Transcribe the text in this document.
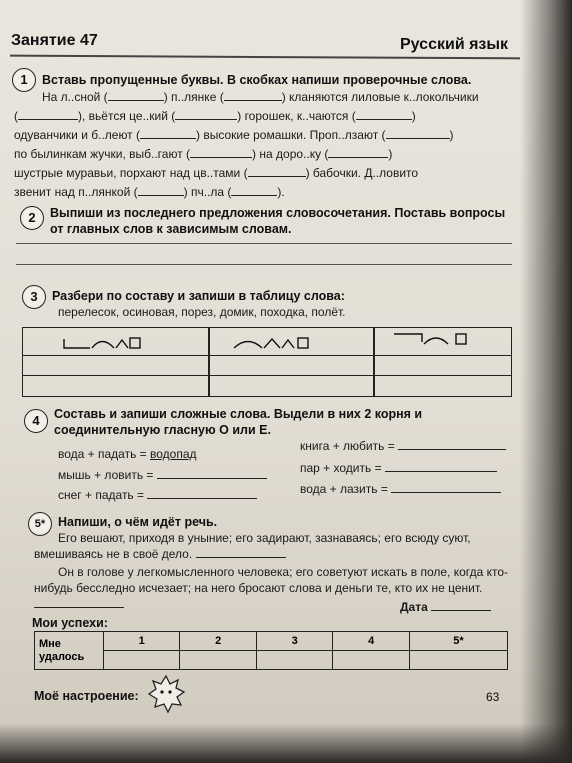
Занятие 47	Русский язык
1	Вставь пропущенные буквы. В скобках напиши проверочные слова.
На л..сной (	) п..лянке (	) кланяются лиловые к..локольчики
(	), вьётся це..кий (	) горошек, к..чаются (	)
одуванчики и б..леют (	) высокие ромашки. Проп..лзают (	)
по былинкам жучки, выб..гают (	) на доро..ку (	)
шустрые муравьи, порхают над цв..тами (	) бабочки. Д..ловито
звенит над п..лянкой (	) пч..ла (	).
2	Выпиши из последнего предложения словосочетания. Поставь вопросы от главных слов к зависимым словам.
3	Разбери по составу и запиши в таблицу слова:
перелесок, осиновая, порез, домик, походка, полёт.
4	Составь и запиши сложные слова. Выдели в них 2 корня и соединительную гласную О или Е.
вода + падать = водопад
мышь + ловить =
снег + падать =
книга + любить =
пар + ходить =
вода + лазить =
5*	Напиши, о чём идёт речь.
Его вешают, приходя в уныние; его задирают, зазнаваясь; его всюду суют, вмешиваясь не в своё дело.
Он в голове у легкомысленного человека; его советуют искать в поле, когда кто-нибудь бесследно исчезает; на него бросают слова и деньги те, кто их не ценит.
Дата
Мои успехи:
Мне удалось	1	2	3	4	5*

Моё настроение:	63
